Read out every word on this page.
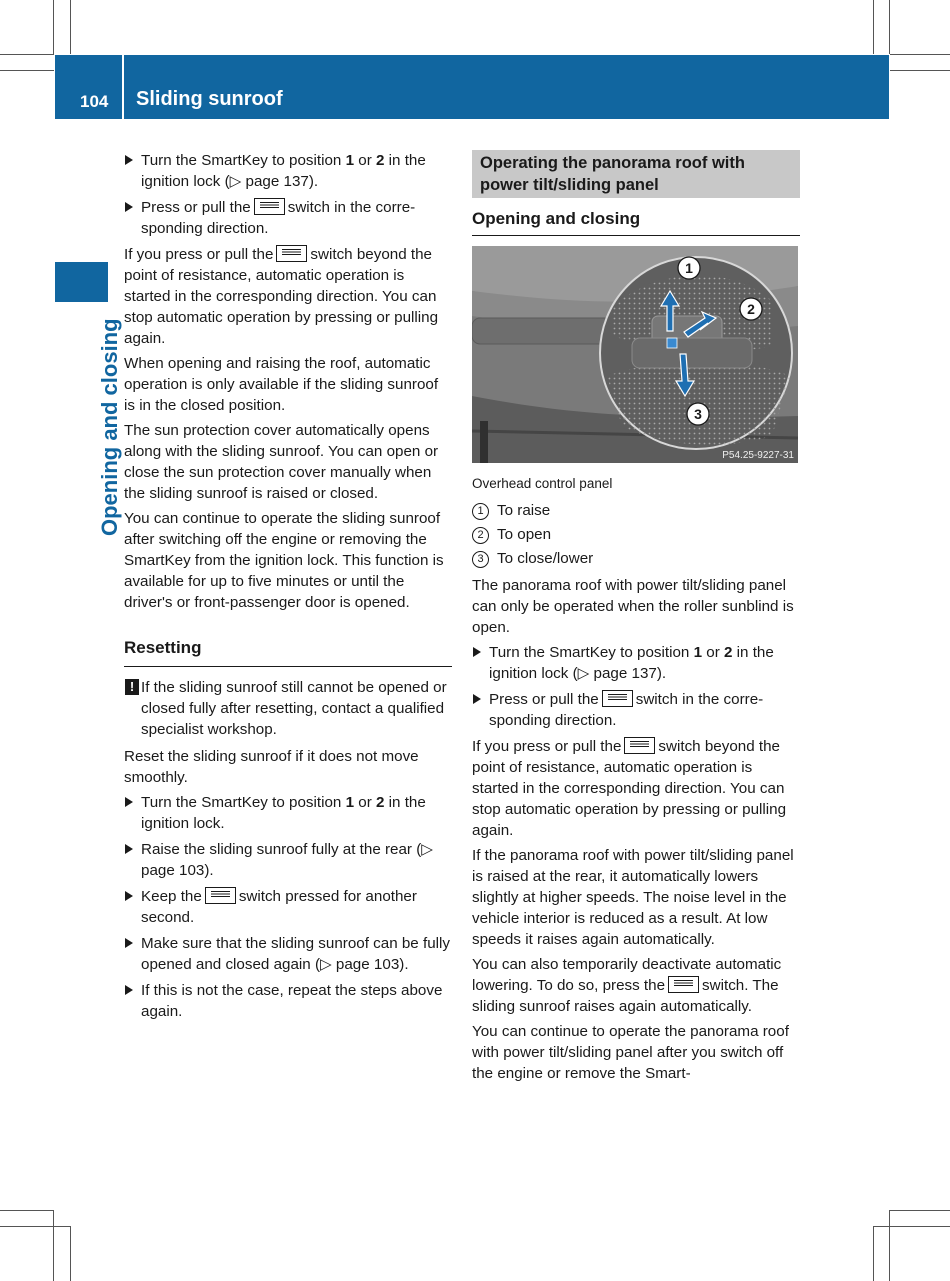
104 Sliding sunroof
Opening and closing
Turn the SmartKey to position 1 or 2 in the ignition lock (▷ page 137).
Press or pull the switch in the corresponding direction.

If you press or pull the switch beyond the point of resistance, automatic operation is started in the corresponding direction. You can stop automatic operation by pressing or pulling again.

When opening and raising the roof, automatic operation is only available if the sliding sunroof is in the closed position.

The sun protection cover automatically opens along with the sliding sunroof. You can open or close the sun protection cover manually when the sliding sunroof is raised or closed.

You can continue to operate the sliding sunroof after switching off the engine or removing the SmartKey from the ignition lock. This function is available for up to five minutes or until the driver's or front-passenger door is opened.

Resetting
! If the sliding sunroof still cannot be opened or closed fully after resetting, contact a qualified specialist workshop.

Reset the sliding sunroof if it does not move smoothly.

Turn the SmartKey to position 1 or 2 in the ignition lock.
Raise the sliding sunroof fully at the rear (▷ page 103).
Keep the switch pressed for another second.
Make sure that the sliding sunroof can be fully opened and closed again (▷ page 103).
If this is not the case, repeat the steps above again.
Operating the panorama roof with power tilt/sliding panel
Opening and closing
1
2
3
P54.25-9227-31
Overhead control panel
1 To raise
2 To open
3 To close/lower

The panorama roof with power tilt/sliding panel can only be operated when the roller sunblind is open.

Turn the SmartKey to position 1 or 2 in the ignition lock (▷ page 137).
Press or pull the switch in the corresponding direction.

If you press or pull the switch beyond the point of resistance, automatic operation is started in the corresponding direction. You can stop automatic operation by pressing or pulling again.

If the panorama roof with power tilt/sliding panel is raised at the rear, it automatically lowers slightly at higher speeds. The noise level in the vehicle interior is reduced as a result. At low speeds it raises again automatically.

You can also temporarily deactivate automatic lowering. To do so, press the switch. The sliding sunroof raises again automatically.

You can continue to operate the panorama roof with power tilt/sliding panel after you switch off the engine or remove the Smart-
